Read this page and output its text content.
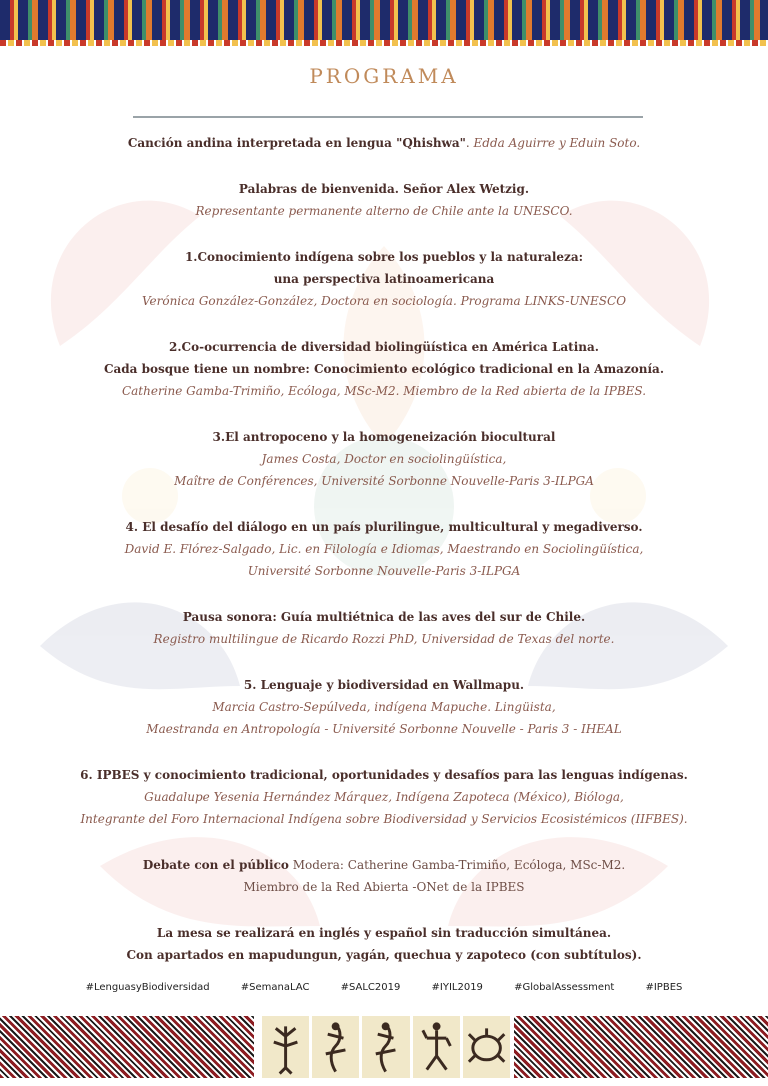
PROGRAMA
Canción andina interpretada en lengua "Qhishwa". Edda Aguirre y Eduin Soto.
Palabras de bienvenida. Señor Alex Wetzig.
Representante permanente alterno de Chile ante la UNESCO.
1.Conocimiento indígena sobre los pueblos y la naturaleza:
una perspectiva latinoamericana
Verónica González-González, Doctora en sociología. Programa LINKS-UNESCO
2.Co-ocurrencia de diversidad biolingüística en América Latina.
Cada bosque tiene un nombre: Conocimiento ecológico tradicional en la Amazonía.
Catherine Gamba-Trimiño, Ecóloga, MSc-M2. Miembro de la Red abierta de la IPBES.
3.El antropoceno y la homogeneización biocultural
James Costa, Doctor en sociolingüística,
Maître de Conférences, Université Sorbonne Nouvelle-Paris 3-ILPGA
4. El desafío del diálogo en un país plurilingue, multicultural y megadiverso.
David E. Flórez-Salgado, Lic. en Filología e Idiomas, Maestrando en Sociolingüística,
Université Sorbonne Nouvelle-Paris 3-ILPGA
Pausa sonora: Guía multiétnica de las aves del sur de Chile.
Registro multilingue de Ricardo Rozzi PhD, Universidad de Texas del norte.
5. Lenguaje y biodiversidad en Wallmapu.
Marcia Castro-Sepúlveda, indígena Mapuche. Lingüista,
Maestranda en Antropología - Université Sorbonne Nouvelle - Paris 3 - IHEAL
6. IPBES y conocimiento tradicional, oportunidades y desafíos para las lenguas indígenas.
Guadalupe Yesenia Hernández Márquez, Indígena Zapoteca (México), Bióloga,
Integrante del Foro Internacional Indígena sobre Biodiversidad y Servicios Ecosistémicos (IIFBES).
Debate con el público Modera: Catherine Gamba-Trimiño, Ecóloga, MSc-M2.
Miembro de la Red Abierta -ONet de la IPBES
La mesa se realizará en inglés y español sin traducción simultánea.
Con apartados en mapudungun, yagán, quechua y zapoteco (con subtítulos).
#LenguasyBiodiversidad	#SemanaLAC	#SALC2019	#IYIL2019	#GlobalAssessment	#IPBES
